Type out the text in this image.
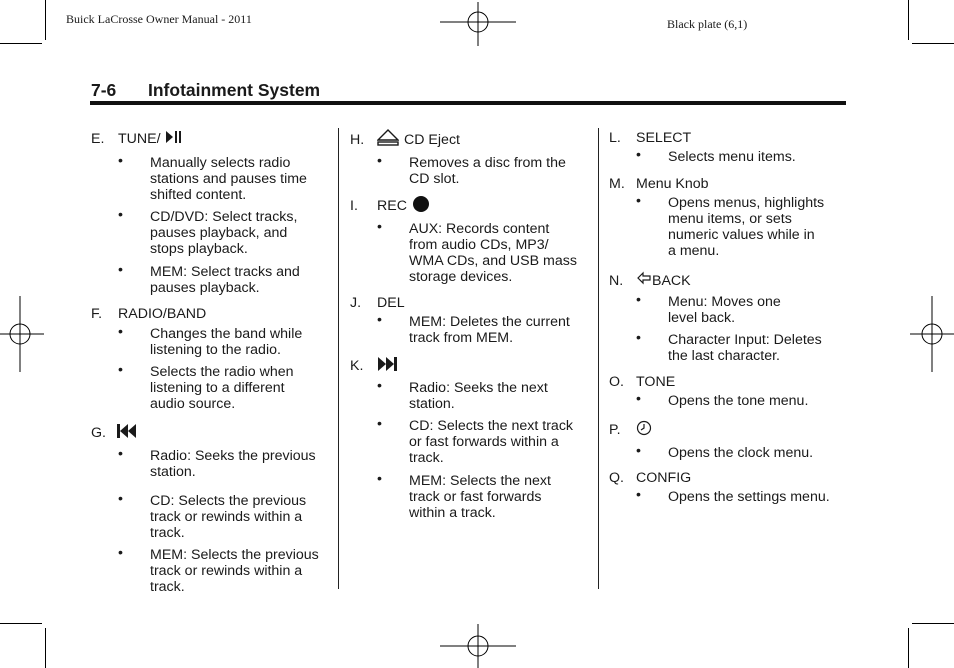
Buick LaCrosse Owner Manual - 2011	Black plate (6,1)
7-6 Infotainment System
E. TUNE/
• Manually selects radio
stations and pauses time
shifted content.
• CD/DVD: Select tracks,
pauses playback, and
stops playback.
• MEM: Select tracks and
pauses playback.
F. RADIO/BAND
• Changes the band while
listening to the radio.
• Selects the radio when
listening to a different
audio source.
G.
• Radio: Seeks the previous
station.
• CD: Selects the previous
track or rewinds within a
track.
• MEM: Selects the previous
track or rewinds within a
track.
H.	CD Eject
• Removes a disc from the
CD slot.
I. REC
• AUX: Records content
from audio CDs, MP3/
WMA CDs, and USB mass
storage devices.
J. DEL
• MEM: Deletes the current
track from MEM.
K.
• Radio: Seeks the next
station.
• CD: Selects the next track
or fast forwards within a
track.
• MEM: Selects the next
track or fast forwards
within a track.
L. SELECT
• Selects menu items.
M. Menu Knob
• Opens menus, highlights
menu items, or sets
numeric values while in
a menu.
N. BACK
• Menu: Moves one
level back.
• Character Input: Deletes
the last character.
O. TONE
• Opens the tone menu.
P.
• Opens the clock menu.
Q. CONFIG
• Opens the settings menu.
